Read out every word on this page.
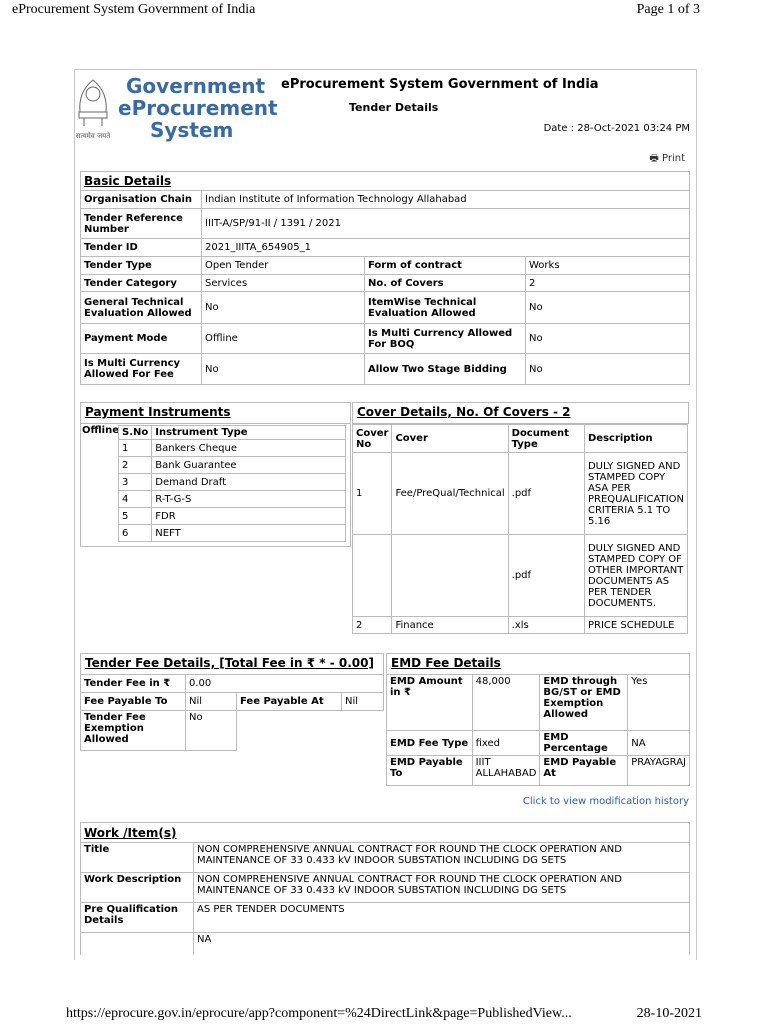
eProcurement System Government of India	Page 1 of 3
सत्यमेव जयते
Government
eProcurement
System
eProcurement System Government of India
Tender Details
Date : 28-Oct-2021 03:24 PM
🖶 Print
Basic Details			
Organisation Chain	Indian Institute of Information Technology Allahabad		
Tender Reference Number	IIIT-A/SP/91-II / 1391 / 2021		
Tender ID	2021_IIITA_654905_1		
Tender Type	Open Tender	Form of contract	Works
Tender Category	Services	No. of Covers	2
General Technical Evaluation Allowed	No	ItemWise Technical Evaluation Allowed	No
Payment Mode	Offline	Is Multi Currency Allowed For BOQ	No
Is Multi Currency Allowed For Fee	No	Allow Two Stage Bidding	No
Payment Instruments
Offline S.No	Instrument Type
1	Bankers Cheque
2	Bank Guarantee
3	Demand Draft
4	R-T-G-S
5	FDR
6	NEFT
Cover Details, No. Of Covers - 2
Cover No	Cover	Document Type	Description
1	Fee/PreQual/Technical	.pdf	DULY SIGNED AND STAMPED COPY ASA PER PREQUALIFICATION CRITERIA 5.1 TO 5.16
		.pdf	DULY SIGNED AND STAMPED COPY OF OTHER IMPORTANT DOCUMENTS AS PER TENDER DOCUMENTS.
2	Finance	.xls	PRICE SCHEDULE
Tender Fee Details, [Total Fee in ₹ * - 0.00]
Tender Fee in ₹	0.00		
Fee Payable To	Nil	Fee Payable At	Nil
Tender Fee Exemption Allowed	No		
EMD Fee Details
EMD Amount in ₹	48,000	EMD through BG/ST or EMD Exemption Allowed	Yes
EMD Fee Type	fixed	EMD Percentage	NA
EMD Payable To	IIIT ALLAHABAD	EMD Payable At	PRAYAGRAJ
Click to view modification history
Work /Item(s)	
Title	NON COMPREHENSIVE ANNUAL CONTRACT FOR ROUND THE CLOCK OPERATION AND MAINTENANCE OF 33 0.433 kV INDOOR SUBSTATION INCLUDING DG SETS
Work Description	NON COMPREHENSIVE ANNUAL CONTRACT FOR ROUND THE CLOCK OPERATION AND MAINTENANCE OF 33 0.433 kV INDOOR SUBSTATION INCLUDING DG SETS
Pre Qualification Details	AS PER TENDER DOCUMENTS
	NA
https://eprocure.gov.in/eprocure/app?component=%24DirectLink&page=PublishedView...	28-10-2021
